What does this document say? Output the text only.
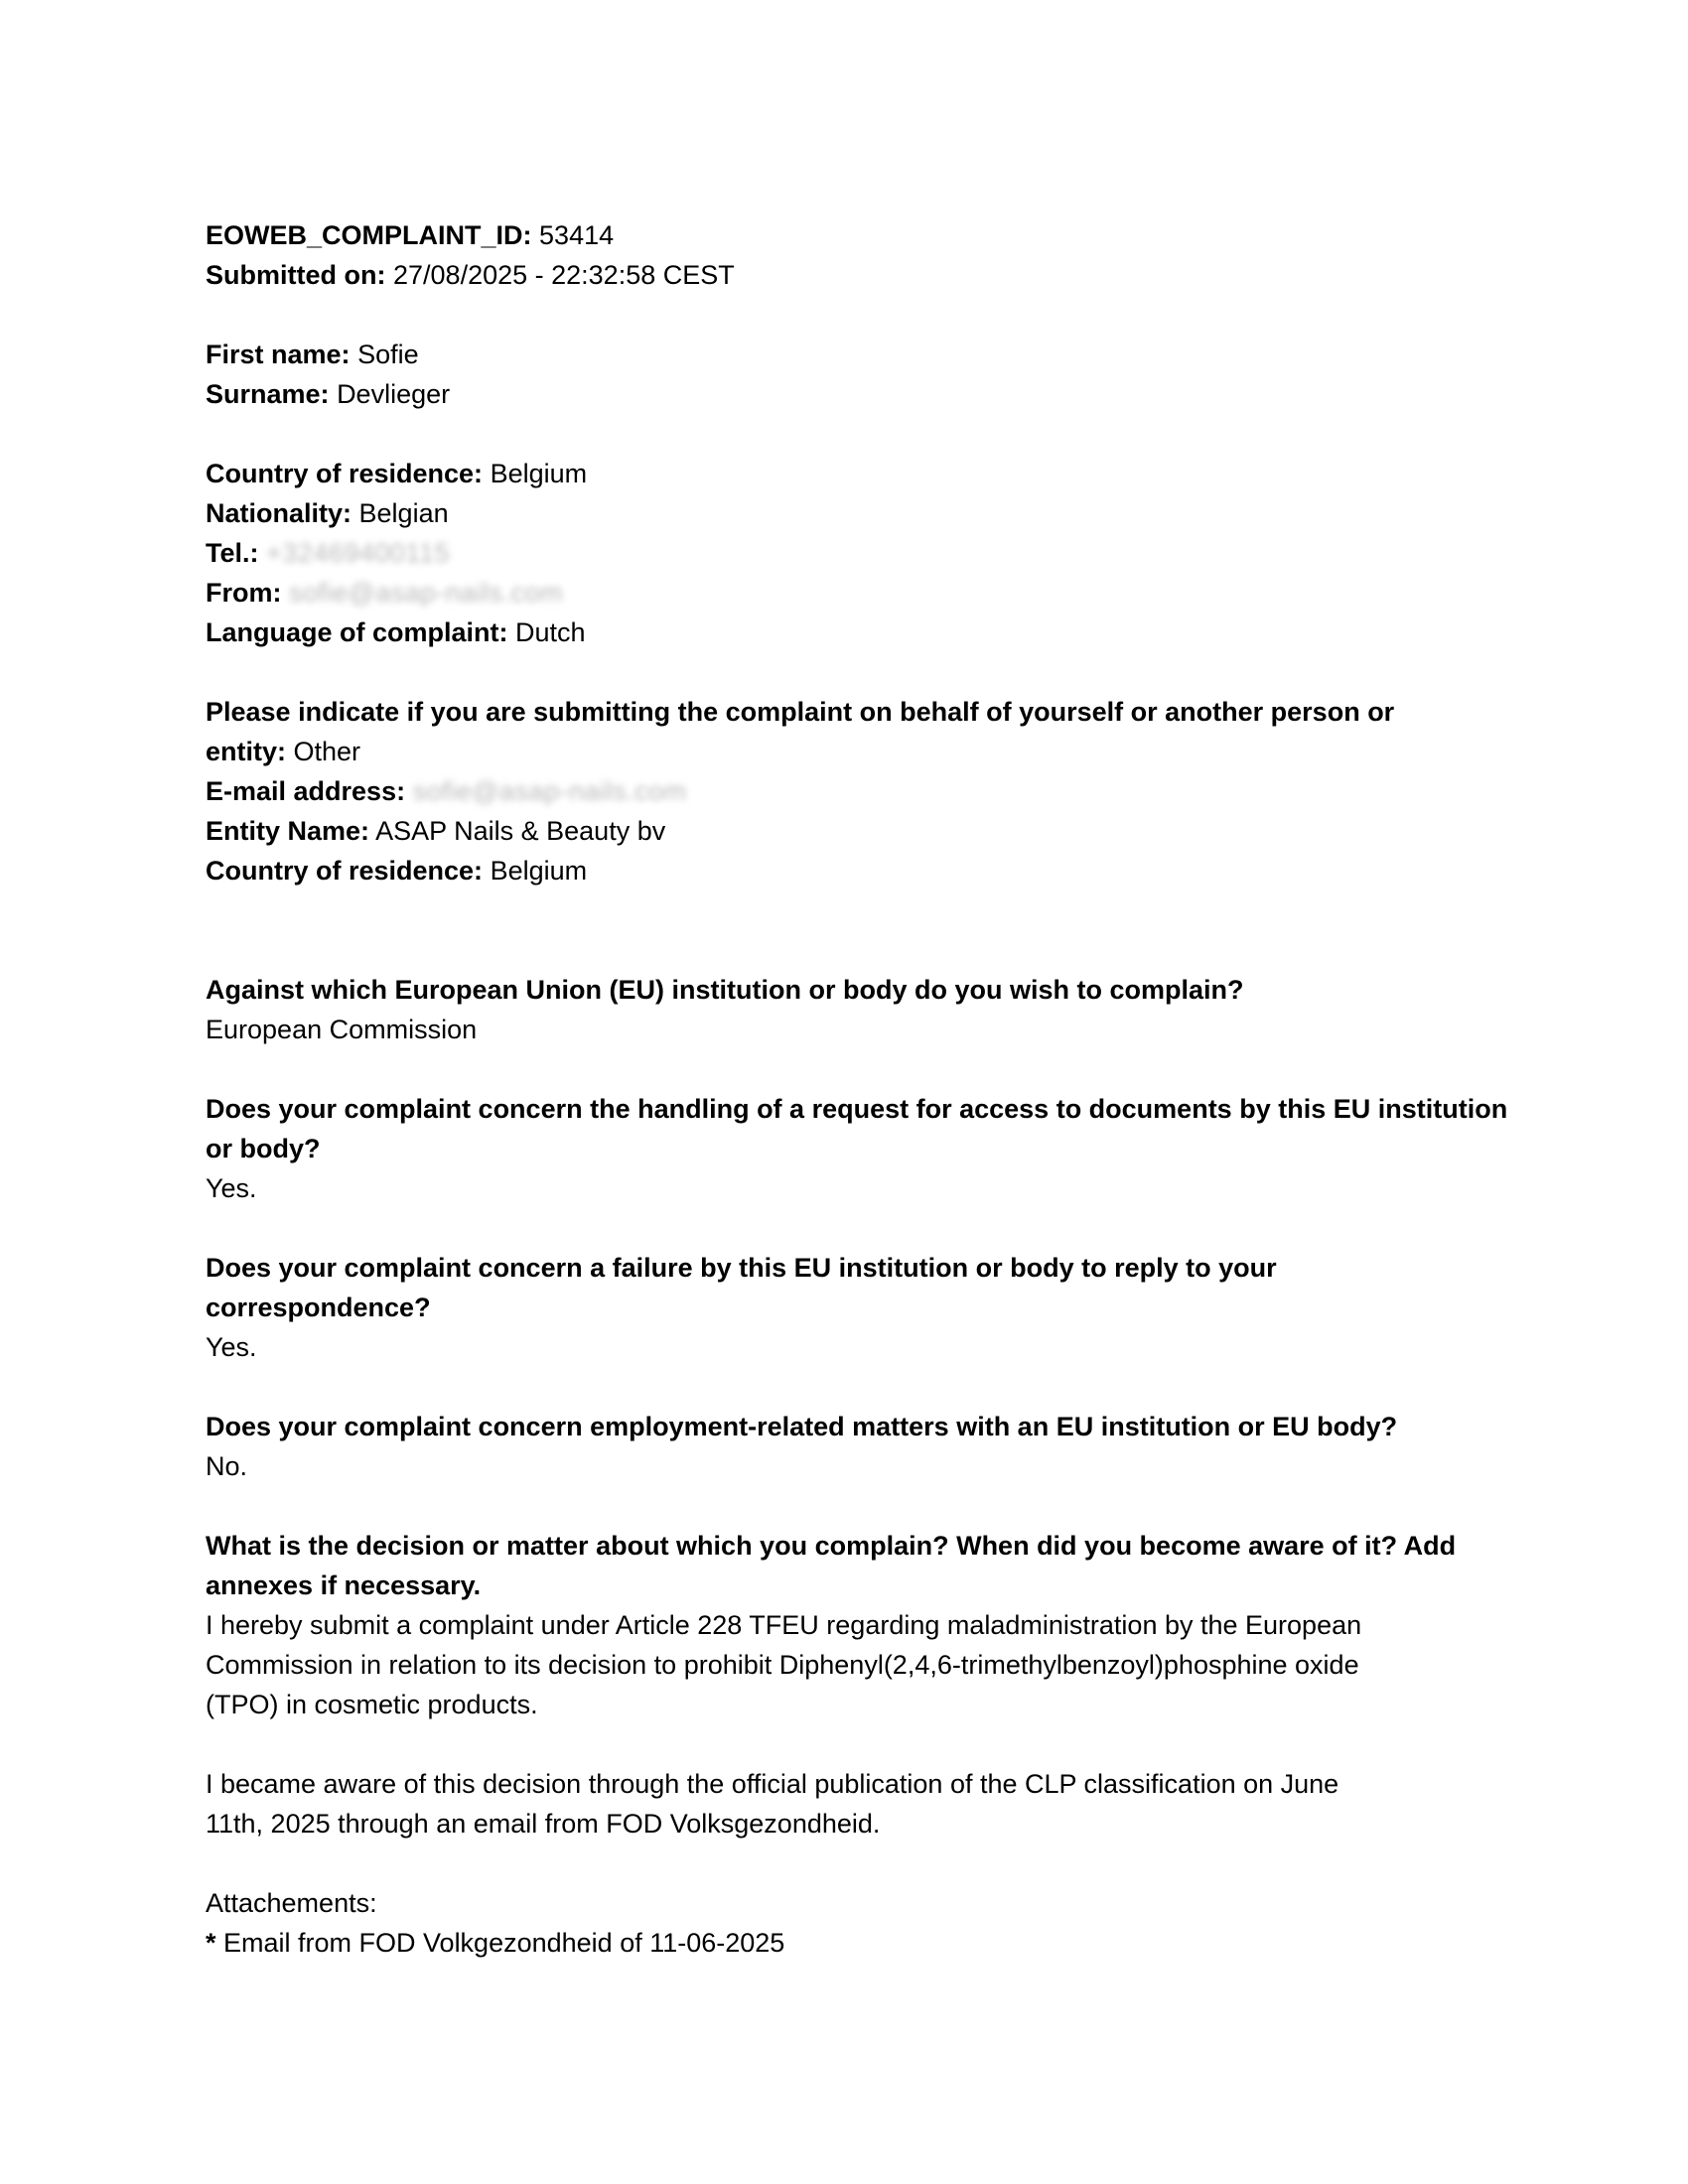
EOWEB_COMPLAINT_ID: 53414
Submitted on: 27/08/2025 - 22:32:58 CEST
First name: Sofie
Surname: Devlieger
Country of residence: Belgium
Nationality: Belgian
Tel.: +32469400115
From: sofie@asap-nails.com
Language of complaint: Dutch
Please indicate if you are submitting the complaint on behalf of yourself or another person or
entity: Other
E-mail address: sofie@asap-nails.com
Entity Name: ASAP Nails & Beauty bv
Country of residence: Belgium
Against which European Union (EU) institution or body do you wish to complain?
European Commission
Does your complaint concern the handling of a request for access to documents by this EU institution
or body?
Yes.
Does your complaint concern a failure by this EU institution or body to reply to your
correspondence?
Yes.
Does your complaint concern employment-related matters with an EU institution or EU body?
No.
What is the decision or matter about which you complain? When did you become aware of it? Add
annexes if necessary.
I hereby submit a complaint under Article 228 TFEU regarding maladministration by the European
Commission in relation to its decision to prohibit Diphenyl(2,4,6-trimethylbenzoyl)phosphine oxide
(TPO) in cosmetic products.
I became aware of this decision through the official publication of the CLP classification on June
11th, 2025 through an email from FOD Volksgezondheid.
Attachements:
* Email from FOD Volkgezondheid of 11-06-2025
